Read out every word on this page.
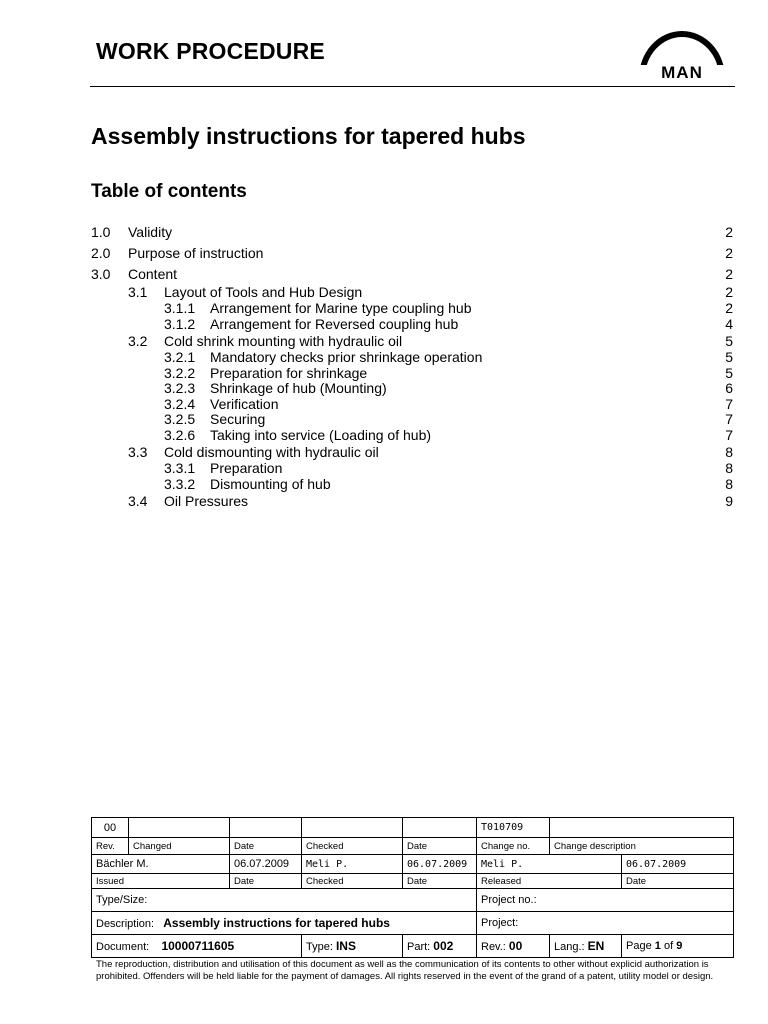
WORK PROCEDURE
MAN
Assembly instructions for tapered hubs
Table of contents
1.0 Validity	2
2.0 Purpose of instruction	2
3.0 Content	2
3.1 Layout of Tools and Hub Design	2
3.1.1 Arrangement for Marine type coupling hub	2
3.1.2 Arrangement for Reversed coupling hub	4
3.2 Cold shrink mounting with hydraulic oil	5
3.2.1 Mandatory checks prior shrinkage operation	5
3.2.2 Preparation for shrinkage	5
3.2.3 Shrinkage of hub (Mounting)	6
3.2.4 Verification	7
3.2.5 Securing	7
3.2.6 Taking into service (Loading of hub)	7
3.3 Cold dismounting with hydraulic oil	8
3.3.1 Preparation	8
3.3.2 Dismounting of hub	8
3.4 Oil Pressures	9
00					T010709		
Rev.	Changed	Date	Checked	Date	Change no.	Change description	
Bächler M.		06.07.2009	Meli P.	06.07.2009	Meli P.		06.07.2009
Issued		Date	Checked	Date	Released		Date
Type/Size:					Project no.:		
Description: Assembly instructions for tapered hubs					Project:		
Document: 10000711605			Type: INS	Part: 002	Rev.: 00	Lang.: EN	Page 1 of 9
The reproduction, distribution and utilisation of this document as well as the communication of its contents to other without explicid authorization is prohibited. Offenders will be held liable for the payment of damages. All rights reserved in the event of the grand of a patent, utility model or design.
